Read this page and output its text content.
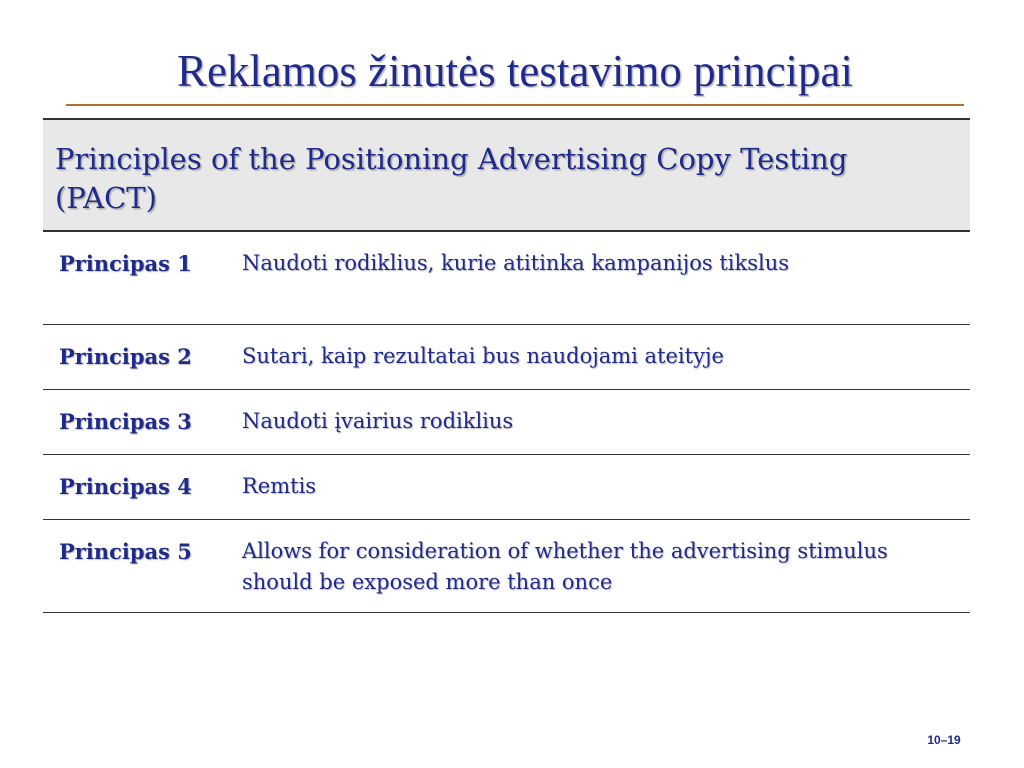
Reklamos žinutės testavimo principai
Principles of the Positioning Advertising Copy Testing (PACT)
Principas 1	Naudoti rodiklius, kurie atitinka kampanijos tikslus
Principas 2	Sutari, kaip rezultatai bus naudojami ateityje
Principas 3	Naudoti įvairius rodiklius
Principas 4	Remtis
Principas 5	Allows for consideration of whether the advertising stimulus should be exposed more than once
10–19
